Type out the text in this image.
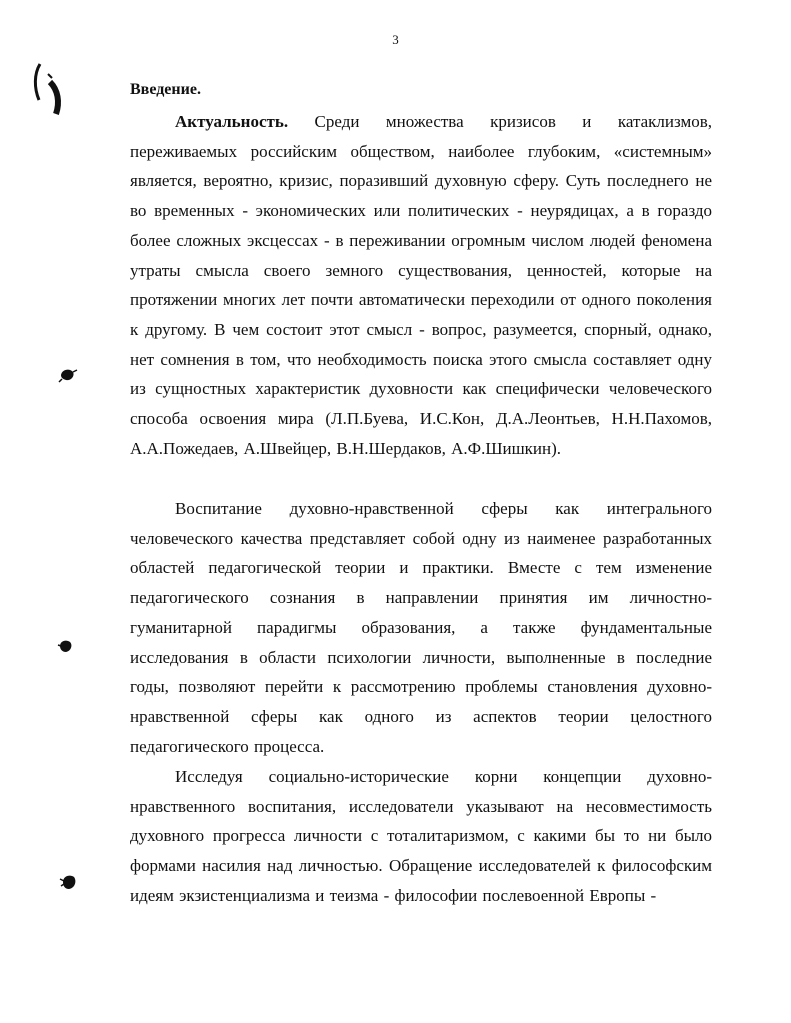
3
Введение.

Актуальность. Среди множества кризисов и катаклизмов, переживаемых российским обществом, наиболее глубоким, «системным» является, вероятно, кризис, поразивший духовную сферу. Суть последнего не во временных - экономических или политических - неурядицах, а в гораздо более сложных эксцессах - в переживании огромным числом людей феномена утраты смысла своего земного существования, ценностей, которые на протяжении многих лет почти автоматически переходили от одного поколения к другому. В чем состоит этот смысл - вопрос, разумеется, спорный, однако, нет сомнения в том, что необходимость поиска этого смысла составляет одну из сущностных характеристик духовности как специфически человеческого способа освоения мира (Л.П.Буева, И.С.Кон, Д.А.Леонтьев, Н.Н.Пахомов, А.А.Пожедаев, А.Швейцер, В.Н.Шердаков, А.Ф.Шишкин).

Воспитание духовно-нравственной сферы как интегрального человеческого качества представляет собой одну из наименее разработанных областей педагогической теории и практики. Вместе с тем изменение педагогического сознания в направлении принятия им личностно-гуманитарной парадигмы образования, а также фундаментальные исследования в области психологии личности, выполненные в последние годы, позволяют перейти к рассмотрению проблемы становления духовно-нравственной сферы как одного из аспектов теории целостного педагогического процесса.

Исследуя социально-исторические корни концепции духовно-нравственного воспитания, исследователи указывают на несовместимость духовного прогресса личности с тоталитаризмом, с какими бы то ни было формами насилия над личностью. Обращение исследователей к философским идеям экзистенциализма и теизма - философии послевоенной Европы -
